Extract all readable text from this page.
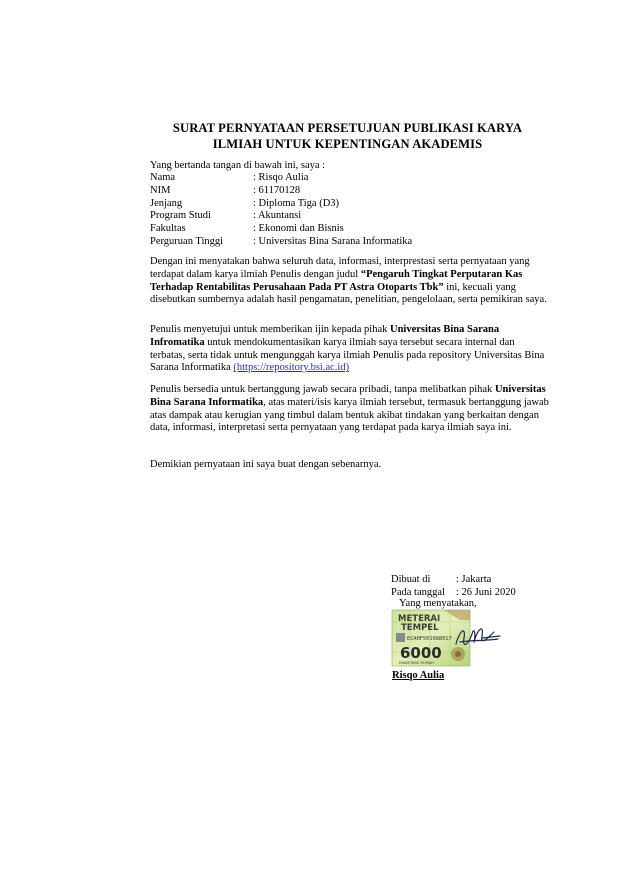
SURAT PERNYATAAN PERSETUJUAN PUBLIKASI KARYA
ILMIAH UNTUK KEPENTINGAN AKADEMIS
Yang bertanda tangan di bawah ini, saya :
Nama	: Risqo Aulia
NIM	: 61170128
Jenjang	: Diploma Tiga (D3)
Program Studi	: Akuntansi
Fakultas	: Ekonomi dan Bisnis
Perguruan Tinggi	: Universitas Bina Sarana Informatika

Dengan ini menyatakan bahwa seluruh data, informasi, interprestasi serta pernyataan yang terdapat dalam karya ilmiah Penulis dengan judul “Pengaruh Tingkat Perputaran Kas Terhadap Rentabilitas Perusahaan Pada PT Astra Otoparts Tbk” ini, kecuali yang disebutkan sumbernya adalah hasil pengamatan, penelitian, pengelolaan, serta pemikiran saya.

Penulis menyetujui untuk memberikan ijin kepada pihak Universitas Bina Sarana Infromatika untuk mendokumentasikan karya ilmiah saya tersebut secara internal dan terbatas, serta tidak untuk mengunggah karya ilmiah Penulis pada repository Universitas Bina Sarana Informatika (https://repository.bsi.ac.id)

Penulis bersedia untuk bertanggung jawab secara pribadi, tanpa melibatkan pihak Universitas Bina Sarana Informatika, atas materi/isis karya ilmiah tersebut, termasuk bertanggung jawab atas dampak atau kerugian yang timbul dalam bentuk akibat tindakan yang berkaitan dengan data, informasi, interpretasi serta pernyataan yang terdapat pada karya ilmiah saya ini.

Demikian pernyataan ini saya buat dengan sebenarnya.

Dibuat di	: Jakarta
Pada tanggal	: 26 Juni 2020
Yang menyatakan,
METERAI
TEMPEL
ECAHF501988017
6000
ENAM RIBU RUPIAH
Risqo Aulia
